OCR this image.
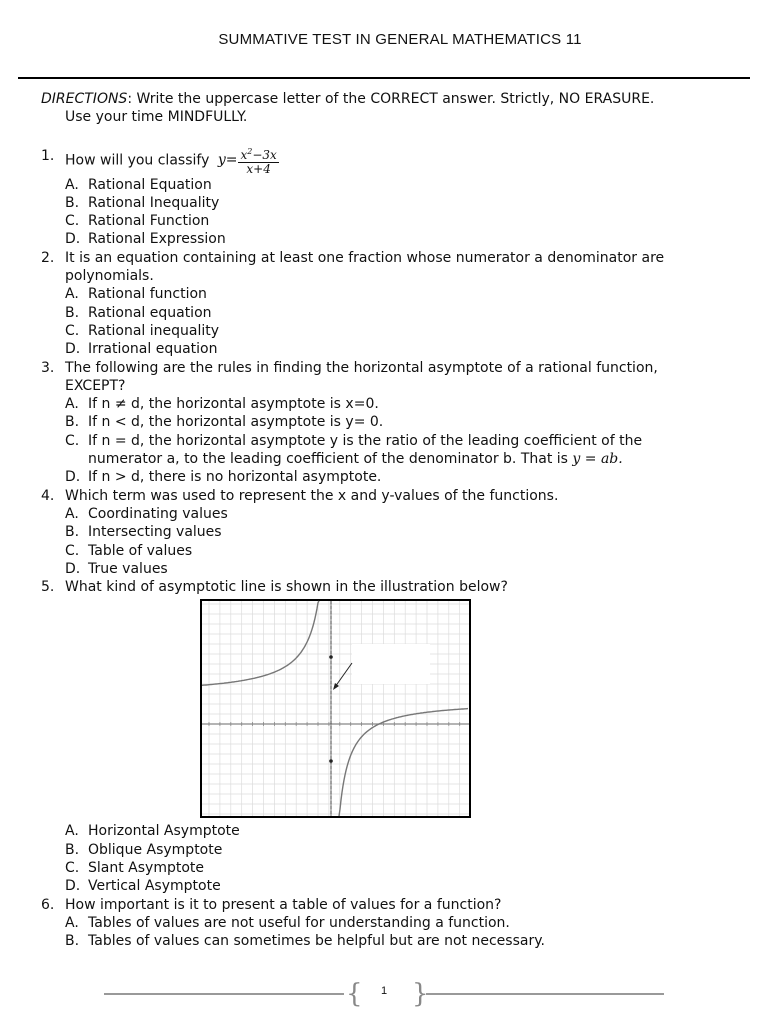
SUMMATIVE TEST IN GENERAL MATHEMATICS 11
DIRECTIONS: Write the uppercase letter of the CORRECT answer. Strictly, NO ERASURE.
Use your time MINDFULLY.
1. How will you classify $y= \frac{x^2-3x}{x+4}$
A. Rational Equation
B. Rational Inequality
C. Rational Function
D. Rational Expression
2. It is an equation containing at least one fraction whose numerator a denominator are
polynomials.
A. Rational function
B. Rational equation
C. Rational inequality
D. Irrational equation
3. The following are the rules in finding the horizontal asymptote of a rational function,
EXCEPT?
A. If n ≠ d, the horizontal asymptote is x=0.
B. If n < d, the horizontal asymptote is y= 0.
C. If n = d, the horizontal asymptote y is the ratio of the leading coefficient of the
numerator a, to the leading coefficient of the denominator b. That is y = ab.
D. If n > d, there is no horizontal asymptote.
4. Which term was used to represent the x and y-values of the functions.
A. Coordinating values
B. Intersecting values
C. Table of values
D. True values
5. What kind of asymptotic line is shown in the illustration below?
A. Horizontal Asymptote
B. Oblique Asymptote
C. Slant Asymptote
D. Vertical Asymptote
6. How important is it to present a table of values for a function?
A. Tables of values are not useful for understanding a function.
B. Tables of values can sometimes be helpful but are not necessary.
{	1 }
